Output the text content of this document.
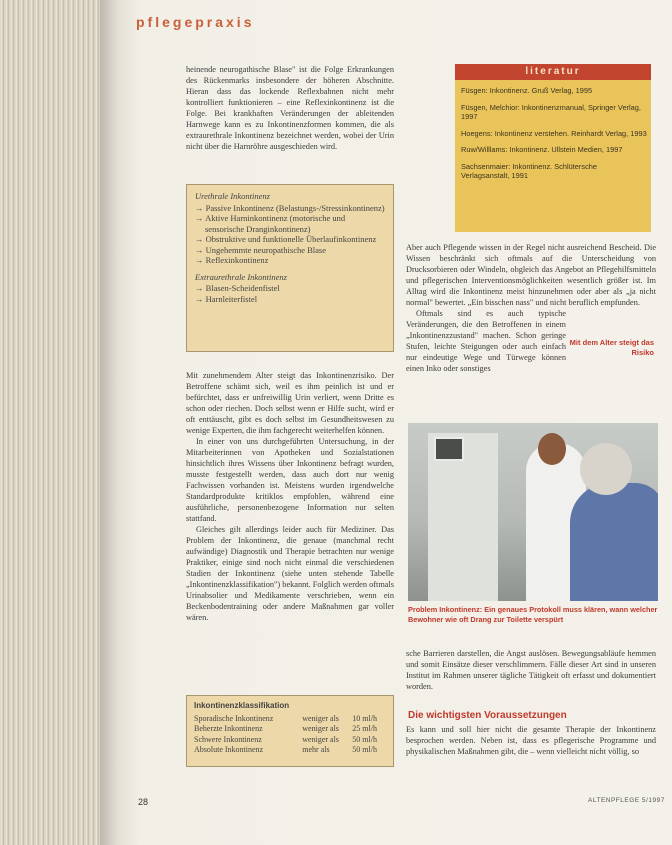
pflegepraxis

heinende neurogathische Blase" ist die Folge Erkrankungen des Rückenmarks insbesondere der höheren Abschnitte. Hieran dass das lockende Reflexbahnen nicht mehr kontrolliert funktionieren – eine Reflexinkontinenz ist die Folge. Bei krankhaften Veränderungen der ableitenden Harnwege kann es zu Inkontinenzformen kommen, die als extraurethrale Inkontinenz bezeichnet werden, wobei der Urin nicht über die Harnröhre ausgeschieden wird.

Urethrale Inkontinenz
→ Passive Inkontinenz (Belastungs-/Stressinkontinenz)
→ Aktive Harninkontinenz (motorische und sensorische Dranginkontinenz)
→ Obstruktive und funktionelle Überlaufinkontinenz
→ Ungehemmte neuropathische Blase
→ Reflexinkontinenz
Extraurethrale Inkontinenz
→ Blasen-Scheidenfistel
→ Harnleiterfistel

Mit zunehmendem Alter steigt das Inkontinenzrisiko. Der Betroffene schämt sich, weil es ihm peinlich ist und er befürchtet, dass er unfreiwillig Urin verliert, wenn Dritte es schon oder riechen. Doch selbst wenn er Hilfe sucht, wird er oft enttäuscht, gibt es doch selbst im Gesundheitswesen zu wenige Experten, die ihm fachgerecht weiterhelfen können.

In einer von uns durchgeführten Untersuchung, in der Mitarbeiterinnen von Apotheken und Sozialstationen hinsichtlich ihres Wissens über Inkontinenz befragt wurden, musste festgestellt werden, dass auch dort nur wenig Fachwissen vorhanden ist. Meistens wurden irgendwelche Standardprodukte kritiklos empfohlen, während eine ausführliche, personenbezogene Information nur selten stattfand.

Gleiches gilt allerdings leider auch für Mediziner. Das Problem der Inkontinenz, die genaue (manchmal recht aufwändige) Diagnostik und Therapie betrachten nur wenige Praktiker, einige sind noch nicht einmal die verschiedenen Stadien der Inkontinenz (siehe unten stehende Tabelle „Inkontinenzklassifikation") bekannt. Folglich werden oftmals Urinabsolier und Medikamente verschrieben, wenn ein Beckenbodentraining oder andere Maßnahmen gar voller wären.

Inkontinenzklassifikation
Sporadische Inkontinenz	weniger als	10 ml/h
Beherzte Inkontinenz	weniger als	25 ml/h
Schwere Inkontinenz	weniger als	50 ml/h
Absolute Inkontinenz	mehr als	50 ml/h
literatur
Füsgen: Inkontinenz. Gruß Verlag, 1995
Füsgen, Melchior: Inkontinenzmanual, Springer Verlag, 1997
Hoegens: Inkontinenz verstehen. Reinhardt Verlag, 1993
Ruw/Willlams: Inkontinenz. Ullstein Medien, 1997
Sachsenmaier: Inkontinenz. Schlütersche Verlagsanstalt, 1991

Aber auch Pflegende wissen in der Regel nicht ausreichend Bescheid. Die Wissen beschränkt sich oftmals auf die Unterscheidung von Drucksorbieren oder Windeln, obgleich das Angebot an Pflegehilfsmitteln und pflegerischen Interventionsmöglichkeiten wesentlich größer ist. Im Alltag wird die Inkontinenz meist hinzunehmen oder aber als „ja nicht normal" bewertet. „Ein bisschen nass" und nicht beruflich empfunden.

Oftmals sind es auch typische Veränderungen, die den Betroffenen in einem „Inkontinenzzustand" machen. Schon geringe Stufen, leichte Steigungen oder auch einfach nur eindeutige Wege und Türwege können einen Inko oder sonstiges

Mit dem Alter steigt das Risiko
Problem Inkontinenz: Ein genaues Protokoll muss klären, wann welcher Bewohner wie oft Drang zur Toilette verspürt

sche Barrieren darstellen, die Angst auslösen. Bewegungsabläufe hemmen und somit Einsätze dieser verschlimmern. Fälle dieser Art sind in unseren Institut im Rahmen unserer tägliche Tätigkeit oft erfasst und dokumentiert worden.

Die wichtigsten Voraussetzungen

Es kann und soll hier nicht die gesamte Therapie der Inkontinenz besprochen werden. Neben ist, dass es pflegerische Programme und physikalischen Maßnahmen gibt, die – wenn vielleicht nicht völlig, so

28	ALTENPFLEGE 5/1997
